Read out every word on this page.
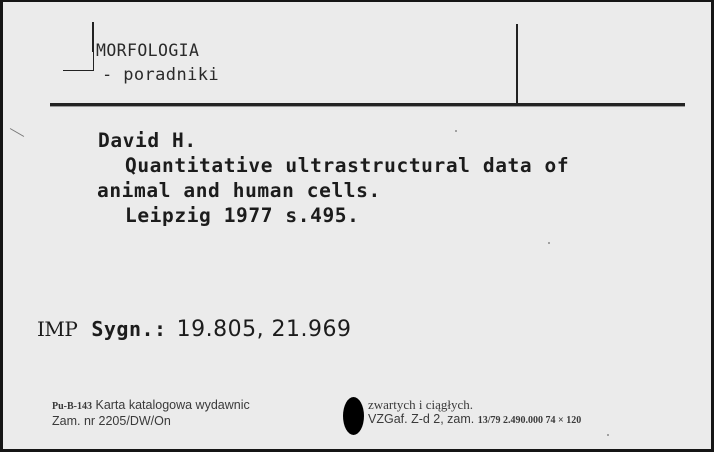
MORFOLOGIA
- poradniki
David H.
Quantitative ultrastructural data of
animal and human cells.
Leipzig 1977 s.495.
IMP Sygn.: 19.805, 21.969
Pu-B-143 Karta katalogowa wydawnic
Zam. nr 2205/DW/On
zwartych i ciągłych.
VZGaf. Z-d 2, zam. 13/79 2.490.000 74 × 120
